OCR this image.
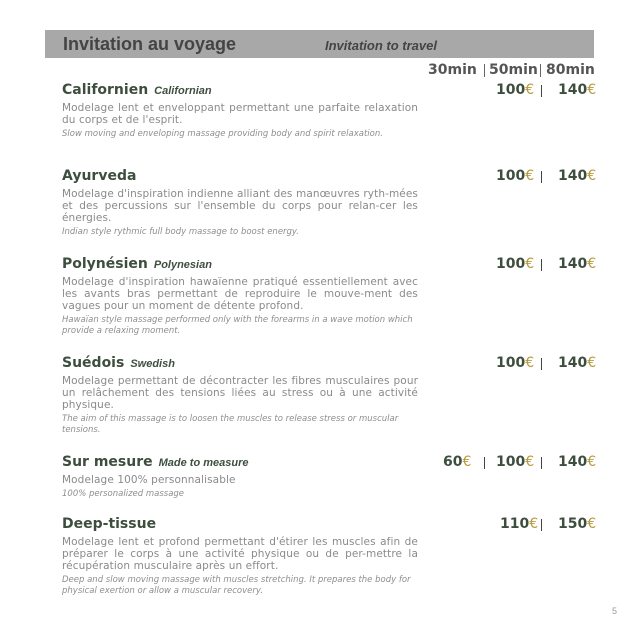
Invitation au voyage	Invitation to travel
30min 50min 80min
Californien Californian
Modelage lent et enveloppant permettant une parfaite relaxation du corps et de l'esprit.
Slow moving and enveloping massage providing body and spirit relaxation.
100€ 140€
Ayurveda
Modelage d'inspiration indienne alliant des manœuvres ryth-mées et des percussions sur l'ensemble du corps pour relan-cer les énergies.
Indian style rythmic full body massage to boost energy.
100€ 140€
Polynésien Polynesian
Modelage d'inspiration hawaïenne pratiqué essentiellement avec les avants bras permettant de reproduire le mouve-ment des vagues pour un moment de détente profond.
Hawaïan style massage performed only with the forearms in a wave motion which provide a relaxing moment.
100€ 140€
Suédois Swedish
Modelage permettant de décontracter les fibres musculaires pour un relâchement des tensions liées au stress ou à une activité physique.
The aim of this massage is to loosen the muscles to release stress or muscular tensions.
100€ 140€
Sur mesure Made to measure
Modelage 100% personnalisable
100% personalized massage
60€ 100€ 140€
Deep-tissue
Modelage lent et profond permettant d'étirer les muscles afin de préparer le corps à une activité physique ou de per-mettre la récupération musculaire après un effort.
Deep and slow moving massage with muscles stretching. It prepares the body for physical exertion or allow a muscular recovery.
110€ 150€
5
